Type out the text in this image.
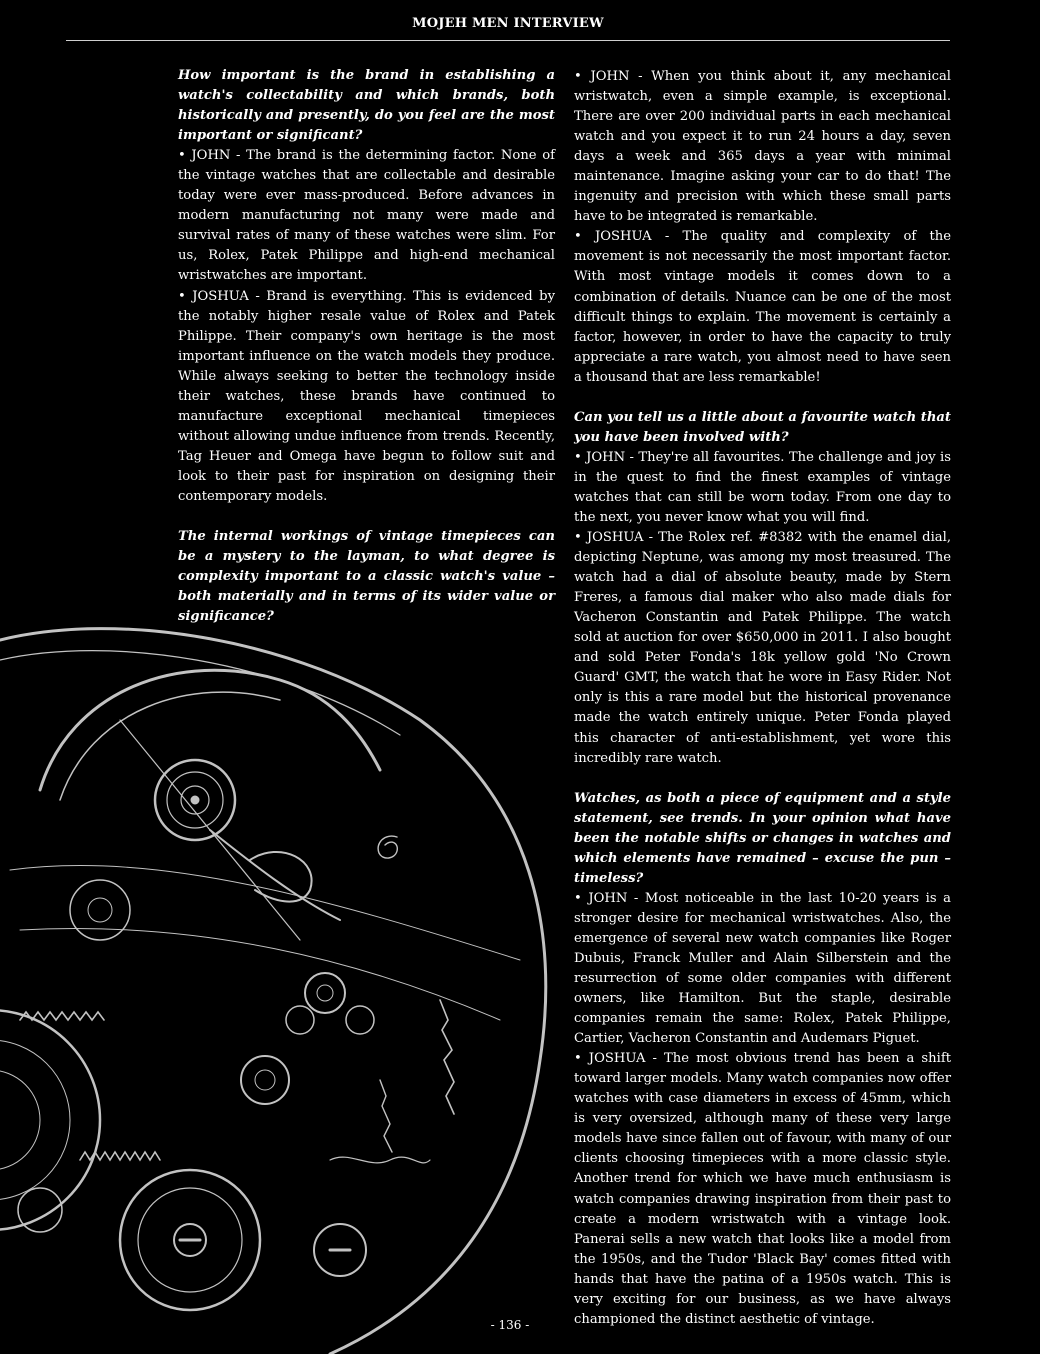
MOJEH MEN INTERVIEW

How important is the brand in establishing a watch's collectability and which brands, both historically and presently, do you feel are the most important or significant?

• JOHN - The brand is the determining factor. None of the vintage watches that are collectable and desirable today were ever mass-produced. Before advances in modern manufacturing not many were made and survival rates of many of these watches were slim. For us, Rolex, Patek Philippe and high-end mechanical wristwatches are important.

• JOSHUA - Brand is everything. This is evidenced by the notably higher resale value of Rolex and Patek Philippe. Their company's own heritage is the most important influence on the watch models they produce. While always seeking to better the technology inside their watches, these brands have continued to manufacture exceptional mechanical timepieces without allowing undue influence from trends. Recently, Tag Heuer and Omega have begun to follow suit and look to their past for inspiration on designing their contemporary models.

The internal workings of vintage timepieces can be a mystery to the layman, to what degree is complexity important to a classic watch's value – both materially and in terms of its wider value or significance?

• JOHN - When you think about it, any mechanical wristwatch, even a simple example, is exceptional. There are over 200 individual parts in each mechanical watch and you expect it to run 24 hours a day, seven days a week and 365 days a year with minimal maintenance. Imagine asking your car to do that! The ingenuity and precision with which these small parts have to be integrated is remarkable.

• JOSHUA - The quality and complexity of the movement is not necessarily the most important factor. With most vintage models it comes down to a combination of details. Nuance can be one of the most difficult things to explain. The movement is certainly a factor, however, in order to have the capacity to truly appreciate a rare watch, you almost need to have seen a thousand that are less remarkable!

Can you tell us a little about a favourite watch that you have been involved with?

• JOHN - They're all favourites. The challenge and joy is in the quest to find the finest examples of vintage watches that can still be worn today. From one day to the next, you never know what you will find.

• JOSHUA - The Rolex ref. #8382 with the enamel dial, depicting Neptune, was among my most treasured. The watch had a dial of absolute beauty, made by Stern Freres, a famous dial maker who also made dials for Vacheron Constantin and Patek Philippe. The watch sold at auction for over $650,000 in 2011. I also bought and sold Peter Fonda's 18k yellow gold 'No Crown Guard' GMT, the watch that he wore in Easy Rider. Not only is this a rare model but the historical provenance made the watch entirely unique. Peter Fonda played this character of anti-establishment, yet wore this incredibly rare watch.

Watches, as both a piece of equipment and a style statement, see trends. In your opinion what have been the notable shifts or changes in watches and which elements have remained – excuse the pun – timeless?

• JOHN - Most noticeable in the last 10-20 years is a stronger desire for mechanical wristwatches. Also, the emergence of several new watch companies like Roger Dubuis, Franck Muller and Alain Silberstein and the resurrection of some older companies with different owners, like Hamilton. But the staple, desirable companies remain the same: Rolex, Patek Philippe, Cartier, Vacheron Constantin and Audemars Piguet.

• JOSHUA - The most obvious trend has been a shift toward larger models. Many watch companies now offer watches with case diameters in excess of 45mm, which is very oversized, although many of these very large models have since fallen out of favour, with many of our clients choosing timepieces with a more classic style. Another trend for which we have much enthusiasm is watch companies drawing inspiration from their past to create a modern wristwatch with a vintage look. Panerai sells a new watch that looks like a model from the 1950s, and the Tudor 'Black Bay' comes fitted with hands that have the patina of a 1950s watch. This is very exciting for our business, as we have always championed the distinct aesthetic of vintage.

- 136 -
